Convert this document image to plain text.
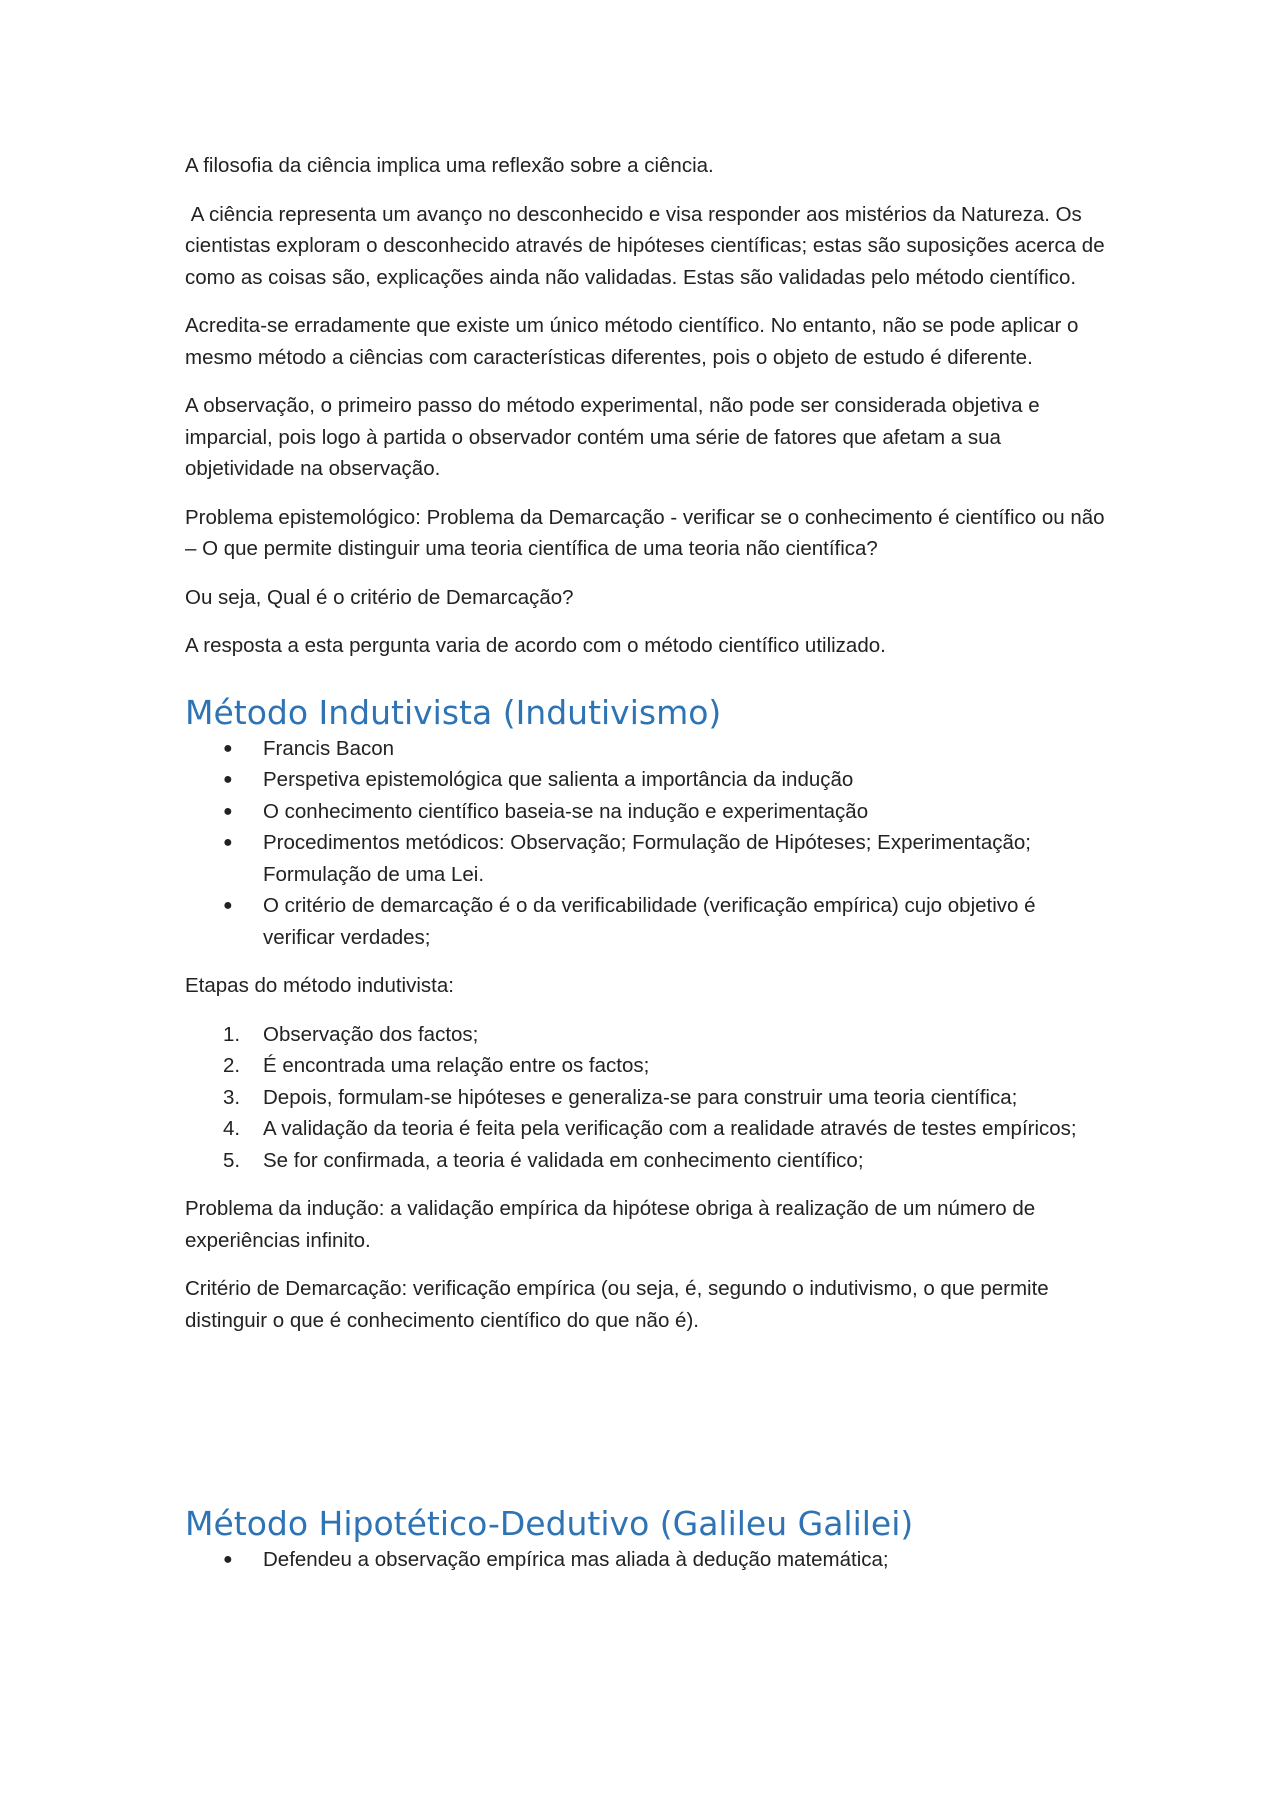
A filosofia da ciência implica uma reflexão sobre a ciência.

A ciência representa um avanço no desconhecido e visa responder aos mistérios da Natureza. Os cientistas exploram o desconhecido através de hipóteses científicas; estas são suposições acerca de como as coisas são, explicações ainda não validadas. Estas são validadas pelo método científico.

Acredita-se erradamente que existe um único método científico. No entanto, não se pode aplicar o mesmo método a ciências com características diferentes, pois o objeto de estudo é diferente.

A observação, o primeiro passo do método experimental, não pode ser considerada objetiva e imparcial, pois logo à partida o observador contém uma série de fatores que afetam a sua objetividade na observação.

Problema epistemológico: Problema da Demarcação - verificar se o conhecimento é científico ou não – O que permite distinguir uma teoria científica de uma teoria não científica?

Ou seja, Qual é o critério de Demarcação?

A resposta a esta pergunta varia de acordo com o método científico utilizado.

Método Indutivista (Indutivismo)
● Francis Bacon
● Perspetiva epistemológica que salienta a importância da indução
● O conhecimento científico baseia-se na indução e experimentação
● Procedimentos metódicos: Observação; Formulação de Hipóteses; Experimentação; Formulação de uma Lei.
● O critério de demarcação é o da verificabilidade (verificação empírica) cujo objetivo é verificar verdades;

Etapas do método indutivista:

1.	Observação dos factos;
2.	É encontrada uma relação entre os factos;
3.	Depois, formulam-se hipóteses e generaliza-se para construir uma teoria científica;
4.	A validação da teoria é feita pela verificação com a realidade através de testes empíricos;
5.	Se for confirmada, a teoria é validada em conhecimento científico;

Problema da indução: a validação empírica da hipótese obriga à realização de um número de experiências infinito.

Critério de Demarcação: verificação empírica (ou seja, é, segundo o indutivismo, o que permite distinguir o que é conhecimento científico do que não é).

Método Hipotético-Dedutivo (Galileu Galilei)
● Defendeu a observação empírica mas aliada à dedução matemática;
